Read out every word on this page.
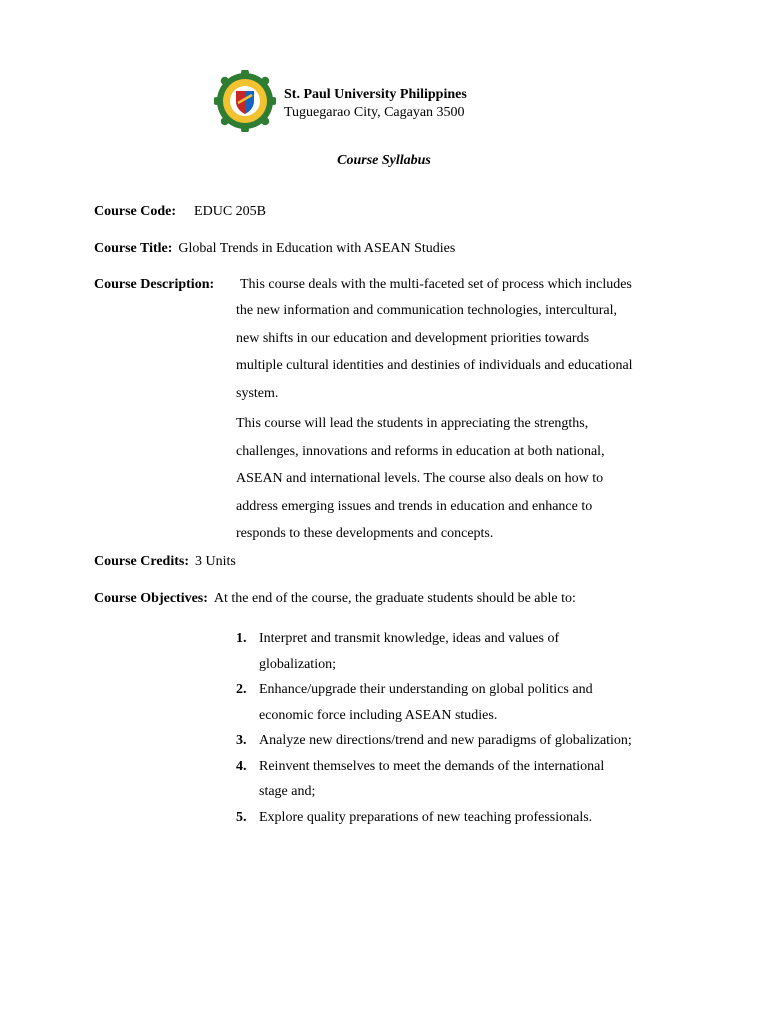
St. Paul University Philippines
Tuguegarao City, Cagayan 3500
Course Syllabus
Course Code: EDUC 205B
Course Title: Global Trends in Education with ASEAN Studies
Course Description: This course deals with the multi-faceted set of process which includes
the new information and communication technologies, intercultural,
new shifts in our education and development priorities towards
multiple cultural identities and destinies of individuals and educational
system.
This course will lead the students in appreciating the strengths,
challenges, innovations and reforms in education at both national,
ASEAN and international levels. The course also deals on how to
address emerging issues and trends in education and enhance to
responds to these developments and concepts.
Course Credits: 3 Units
Course Objectives: At the end of the course, the graduate students should be able to:
1. Interpret and transmit knowledge, ideas and values of
globalization;
2. Enhance/upgrade their understanding on global politics and
economic force including ASEAN studies.
3. Analyze new directions/trend and new paradigms of globalization;
4. Reinvent themselves to meet the demands of the international
stage and;
5. Explore quality preparations of new teaching professionals.
